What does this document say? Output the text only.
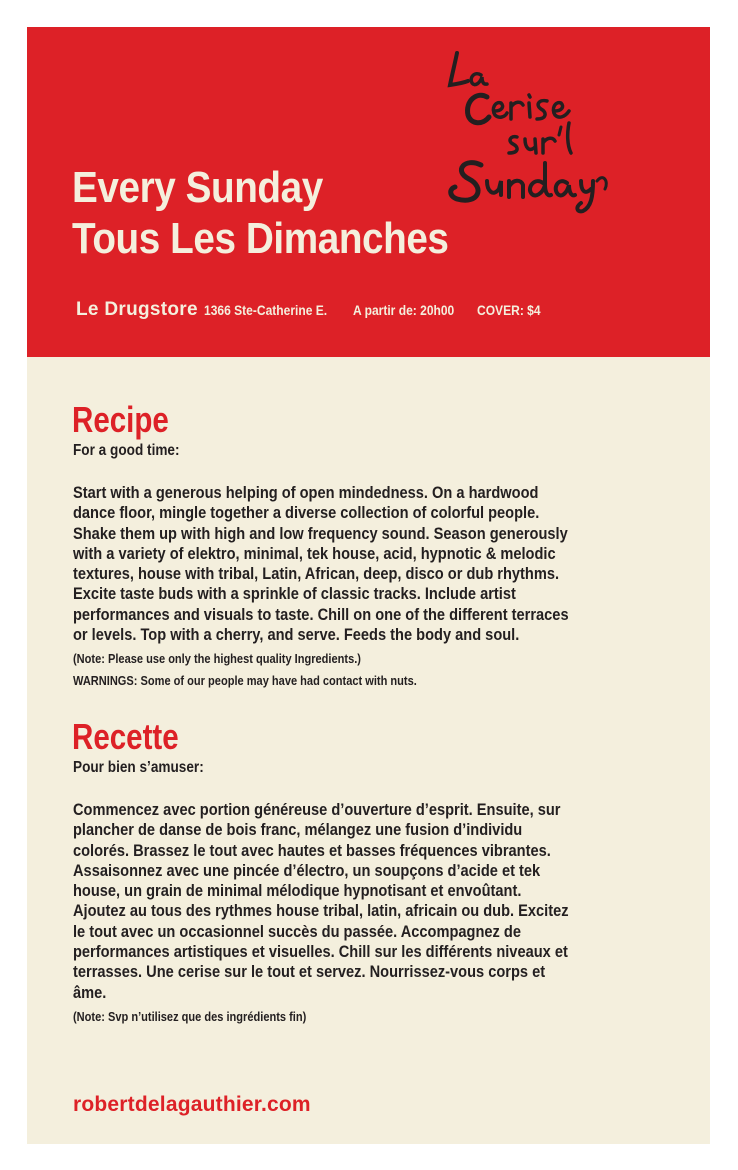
Every Sunday
Tous Les Dimanches
Le Drugstore 1366 Ste-Catherine E. A partir de: 20h00 COVER: $4
Recipe
For a good time:
Start with a generous helping of open mindedness. On a hardwood
dance floor, mingle together a diverse collection of colorful people.
Shake them up with high and low frequency sound. Season generously
with a variety of elektro, minimal, tek house, acid, hypnotic & melodic
textures, house with tribal, Latin, African, deep, disco or dub rhythms.
Excite taste buds with a sprinkle of classic tracks. Include artist
performances and visuals to taste. Chill on one of the different terraces
or levels. Top with a cherry, and serve. Feeds the body and soul.
(Note: Please use only the highest quality Ingredients.)
WARNINGS: Some of our people may have had contact with nuts.
Recette
Pour bien s’amuser:
Commencez avec portion généreuse d’ouverture d’esprit. Ensuite, sur
plancher de danse de bois franc, mélangez une fusion d’individu
colorés. Brassez le tout avec hautes et basses fréquences vibrantes.
Assaisonnez avec une pincée d’électro, un soupçons d’acide et tek
house, un grain de minimal mélodique hypnotisant et envoûtant.
Ajoutez au tous des rythmes house tribal, latin, africain ou dub. Excitez
le tout avec un occasionnel succès du passée. Accompagnez de
performances artistiques et visuelles. Chill sur les différents niveaux et
terrasses. Une cerise sur le tout et servez. Nourrissez-vous corps et
âme.
(Note: Svp n’utilisez que des ingrédients fin)
robertdelagauthier.com
